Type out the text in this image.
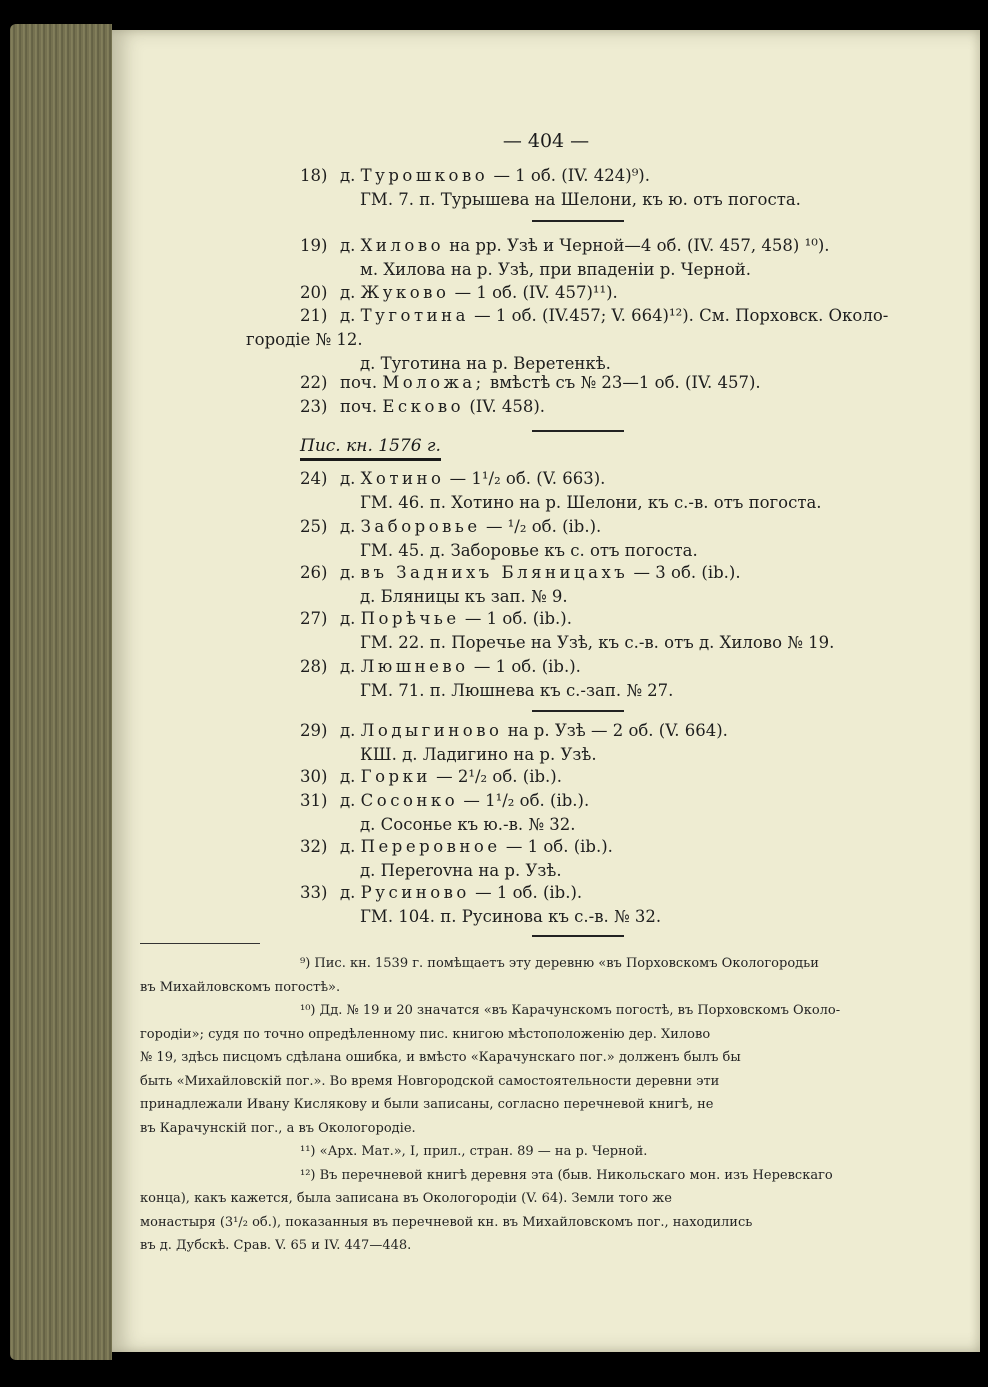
— 404 —
18) д. Турошково — 1 об. (IV. 424)⁹).
ГМ. 7. п. Турышева на Шелони, къ ю. отъ погоста.
19) д. Хилово на рр. Узѣ и Черной—4 об. (IV. 457, 458) ¹⁰).
м. Хилова на р. Узѣ, при впаденіи р. Черной.
20) д. Жуково — 1 об. (IV. 457)¹¹).
21) д. Туготина — 1 об. (IV.457; V. 664)¹²). См. Порховск. Около-
городіе № 12.
д. Туготина на р. Веретенкѣ.
22) поч. Моложа; вмѣстѣ съ № 23—1 об. (IV. 457).
23) поч. Есково (IV. 458).
24) д. Хотино — 1¹/₂ об. (V. 663).
ГМ. 46. п. Хотино на р. Шелони, къ с.-в. отъ погоста.
25) д. Заборовье — ¹/₂ об. (ib.).
ГМ. 45. д. Заборовье къ с. отъ погоста.
26) д. въ Заднихъ Бляницахъ — 3 об. (ib.).
д. Бляницы къ зап. № 9.
27) д. Порѣчье — 1 об. (ib.).
ГМ. 22. п. Поречье на Узѣ, къ с.-в. отъ д. Хилово № 19.
28) д. Люшнево — 1 об. (ib.).
ГМ. 71. п. Люшнева къ с.-зап. № 27.
29) д. Лодыгиново на р. Узѣ — 2 об. (V. 664).
КШ. д. Ладигино на р. Узѣ.
30) д. Горки — 2¹/₂ об. (ib.).
31) д. Сосонко — 1¹/₂ об. (ib.).
д. Сосонье къ ю.-в. № 32.
32) д. Переровное — 1 об. (ib.).
д. Перerovна на р. Узѣ.
33) д. Русиново — 1 об. (ib.).
ГМ. 104. п. Русинова къ с.-в. № 32.
Пис. кн. 1576 г.
⁹) Пис. кн. 1539 г. помѣщаетъ эту деревню «въ Порховскомъ Окологородьи
въ Михайловскомъ погостѣ».
¹⁰) Дд. № 19 и 20 значатся «въ Карачунскомъ погостѣ, въ Порховскомъ Около-
городіи»; судя по точно опредѣленному пис. книгою мѣстоположенію дер. Хилово
№ 19, здѣсь писцомъ сдѣлана ошибка, и вмѣсто «Карачунскаго пог.» долженъ былъ бы
быть «Михайловскій пог.». Во время Новгородской самостоятельности деревни эти
принадлежали Ивану Кислякову и были записаны, согласно перечневой книгѣ, не
въ Карачунскій пог., а въ Окологородіе.
¹¹) «Арх. Мат.», I, прил., стран. 89 — на р. Черной.
¹²) Въ перечневой книгѣ деревня эта (быв. Никольскаго мон. изъ Неревскаго
конца), какъ кажется, была записана въ Окологородіи (V. 64). Земли того же
монастыря (3¹/₂ об.), показанныя въ перечневой кн. въ Михайловскомъ пог., находились
въ д. Дубскѣ. Срав. V. 65 и IV. 447—448.
